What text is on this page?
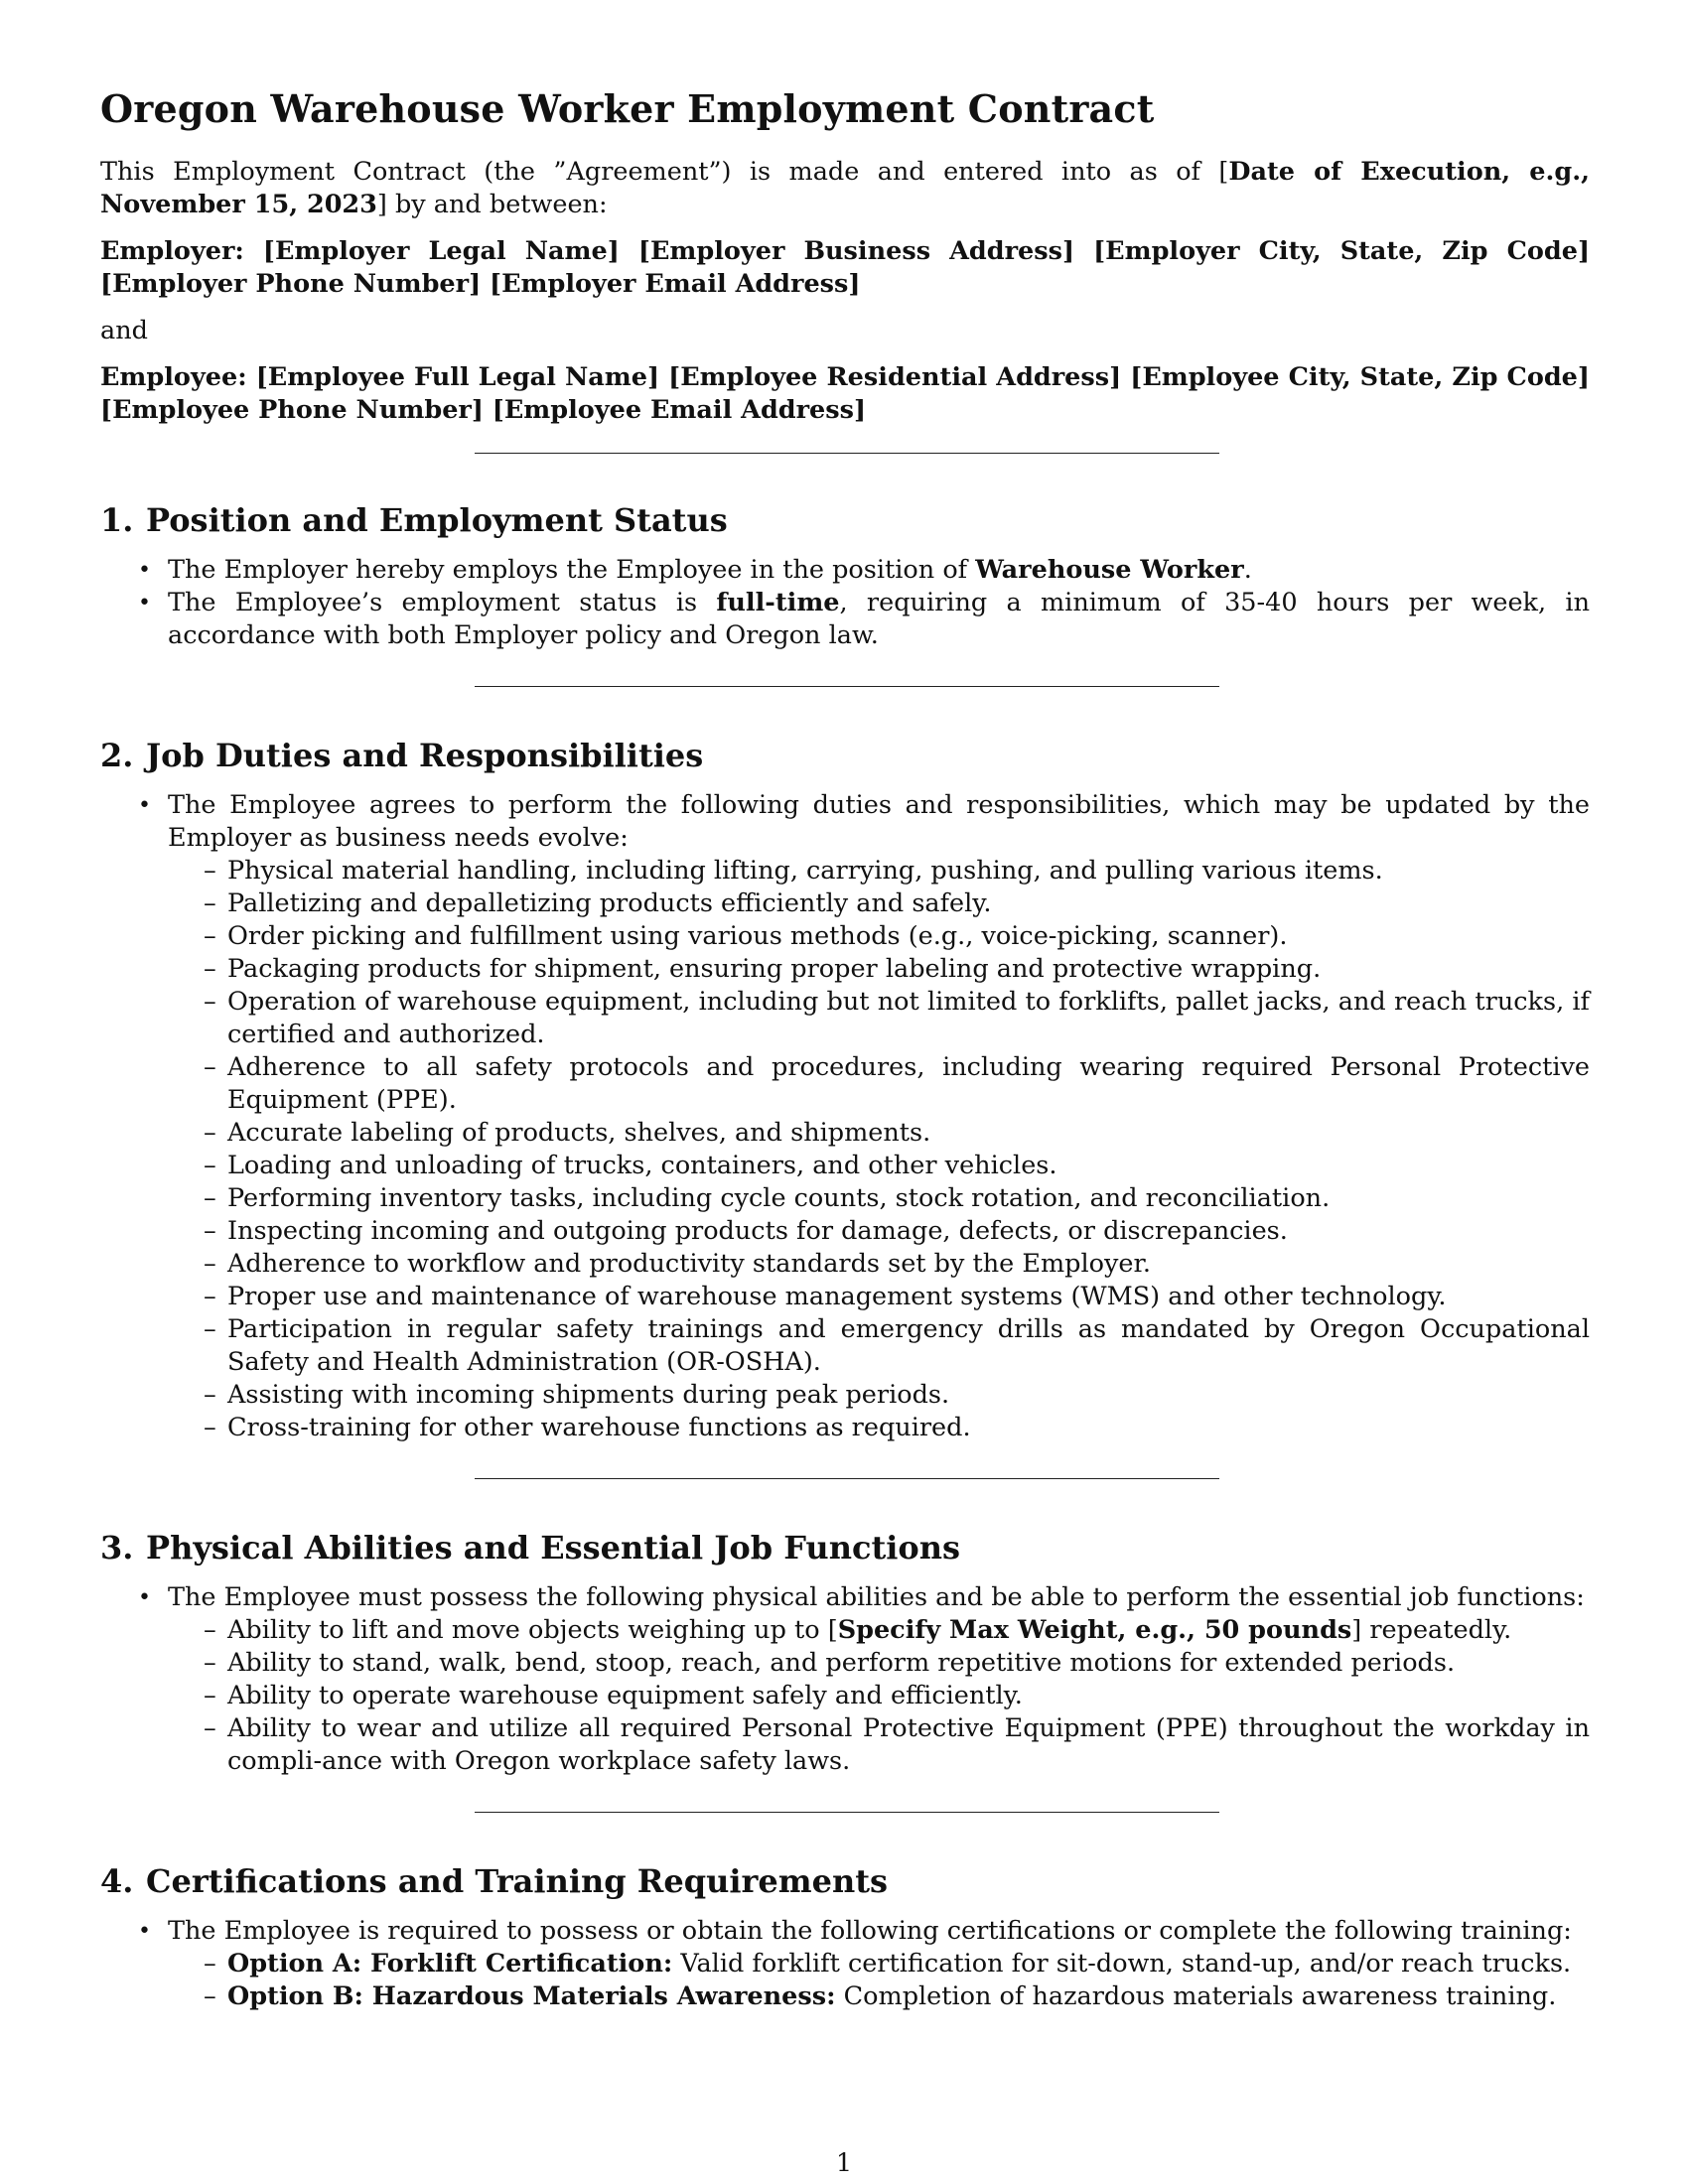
Oregon Warehouse Worker Employment Contract

This Employment Contract (the ”Agreement”) is made and entered into as of [Date of Execution, e.g., November 15, 2023] by and between:

Employer: [Employer Legal Name] [Employer Business Address] [Employer City, State, Zip Code] [Employer Phone Number] [Employer Email Address]

and

Employee: [Employee Full Legal Name] [Employee Residential Address] [Employee City, State, Zip Code] [Employee Phone Number] [Employee Email Address]
1. Position and Employment Status
• The Employer hereby employs the Employee in the position of Warehouse Worker.
• The Employee’s employment status is full-time, requiring a minimum of 35-40 hours per week, in accordance with both Employer policy and Oregon law.
2. Job Duties and Responsibilities
• The Employee agrees to perform the following duties and responsibilities, which may be updated by the Employer as business needs evolve:
– Physical material handling, including lifting, carrying, pushing, and pulling various items.
– Palletizing and depalletizing products efficiently and safely.
– Order picking and fulfillment using various methods (e.g., voice-picking, scanner).
– Packaging products for shipment, ensuring proper labeling and protective wrapping.
– Operation of warehouse equipment, including but not limited to forklifts, pallet jacks, and reach trucks, if certified and authorized.
– Adherence to all safety protocols and procedures, including wearing required Personal Protective Equipment (PPE).
– Accurate labeling of products, shelves, and shipments.
– Loading and unloading of trucks, containers, and other vehicles.
– Performing inventory tasks, including cycle counts, stock rotation, and reconciliation.
– Inspecting incoming and outgoing products for damage, defects, or discrepancies.
– Adherence to workflow and productivity standards set by the Employer.
– Proper use and maintenance of warehouse management systems (WMS) and other technology.
– Participation in regular safety trainings and emergency drills as mandated by Oregon Occupational Safety and Health Administration (OR-OSHA).
– Assisting with incoming shipments during peak periods.
– Cross-training for other warehouse functions as required.
3. Physical Abilities and Essential Job Functions
• The Employee must possess the following physical abilities and be able to perform the essential job functions:
– Ability to lift and move objects weighing up to [Specify Max Weight, e.g., 50 pounds] repeatedly.
– Ability to stand, walk, bend, stoop, reach, and perform repetitive motions for extended periods.
– Ability to operate warehouse equipment safely and efficiently.
– Ability to wear and utilize all required Personal Protective Equipment (PPE) throughout the workday in compli-ance with Oregon workplace safety laws.
4. Certifications and Training Requirements
• The Employee is required to possess or obtain the following certifications or complete the following training:
– Option A: Forklift Certification: Valid forklift certification for sit-down, stand-up, and/or reach trucks.
– Option B: Hazardous Materials Awareness: Completion of hazardous materials awareness training.
1
